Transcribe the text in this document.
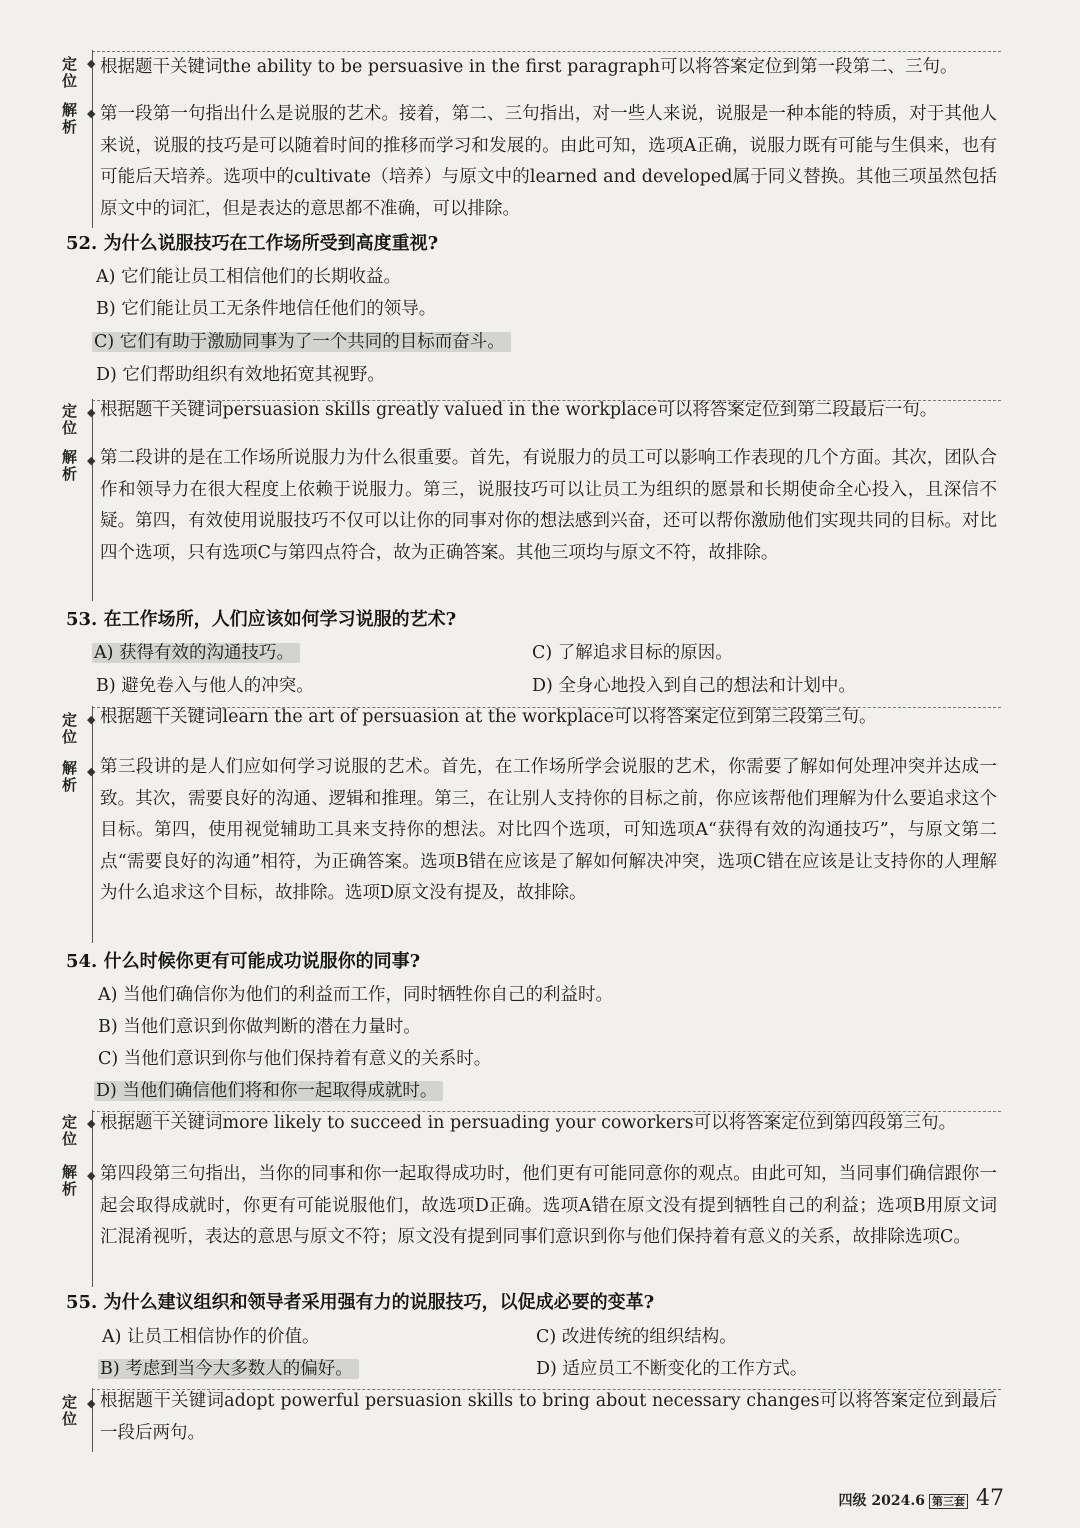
定位
◆ 根据题干关键词the ability to be persuasive in the first paragraph可以将答案定位到第一段第二、三句。
解析
◆ 第一段第一句指出什么是说服的艺术。接着，第二、三句指出，对一些人来说，说服是一种本能的特质，对于其他人来说，说服的技巧是可以随着时间的推移而学习和发展的。由此可知，选项A正确，说服力既有可能与生俱来，也有可能后天培养。选项中的cultivate（培养）与原文中的learned and developed属于同义替换。其他三项虽然包括原文中的词汇，但是表达的意思都不准确，可以排除。
52. 为什么说服技巧在工作场所受到高度重视?
A) 它们能让员工相信他们的长期收益。
B) 它们能让员工无条件地信任他们的领导。
C) 它们有助于激励同事为了一个共同的目标而奋斗。
D) 它们帮助组织有效地拓宽其视野。
定位
◆ 根据题干关键词persuasion skills greatly valued in the workplace可以将答案定位到第二段最后一句。
解析
◆ 第二段讲的是在工作场所说服力为什么很重要。首先，有说服力的员工可以影响工作表现的几个方面。其次，团队合作和领导力在很大程度上依赖于说服力。第三，说服技巧可以让员工为组织的愿景和长期使命全心投入，且深信不疑。第四，有效使用说服技巧不仅可以让你的同事对你的想法感到兴奋，还可以帮你激励他们实现共同的目标。对比四个选项，只有选项C与第四点符合，故为正确答案。其他三项均与原文不符，故排除。
53. 在工作场所，人们应该如何学习说服的艺术?
A) 获得有效的沟通技巧。	C) 了解追求目标的原因。
B) 避免卷入与他人的冲突。	D) 全身心地投入到自己的想法和计划中。
定位
◆ 根据题干关键词learn the art of persuasion at the workplace可以将答案定位到第三段第三句。
解析
◆ 第三段讲的是人们应如何学习说服的艺术。首先，在工作场所学会说服的艺术，你需要了解如何处理冲突并达成一致。其次，需要良好的沟通、逻辑和推理。第三，在让别人支持你的目标之前，你应该帮他们理解为什么要追求这个目标。第四，使用视觉辅助工具来支持你的想法。对比四个选项，可知选项A“获得有效的沟通技巧”，与原文第二点“需要良好的沟通”相符，为正确答案。选项B错在应该是了解如何解决冲突，选项C错在应该是让支持你的人理解为什么追求这个目标，故排除。选项D原文没有提及，故排除。
54. 什么时候你更有可能成功说服你的同事?
A) 当他们确信你为他们的利益而工作，同时牺牲你自己的利益时。
B) 当他们意识到你做判断的潜在力量时。
C) 当他们意识到你与他们保持着有意义的关系时。
D) 当他们确信他们将和你一起取得成就时。
定位
◆ 根据题干关键词more likely to succeed in persuading your coworkers可以将答案定位到第四段第三句。
解析
◆ 第四段第三句指出，当你的同事和你一起取得成功时，他们更有可能同意你的观点。由此可知，当同事们确信跟你一起会取得成就时，你更有可能说服他们，故选项D正确。选项A错在原文没有提到牺牲自己的利益；选项B用原文词汇混淆视听，表达的意思与原文不符；原文没有提到同事们意识到你与他们保持着有意义的关系，故排除选项C。
55. 为什么建议组织和领导者采用强有力的说服技巧，以促成必要的变革?
A) 让员工相信协作的价值。	C) 改进传统的组织结构。
B) 考虑到当今大多数人的偏好。	D) 适应员工不断变化的工作方式。
定位
◆ 根据题干关键词adopt powerful persuasion skills to bring about necessary changes可以将答案定位到最后一段后两句。
四级 2024.6 第三套 47
